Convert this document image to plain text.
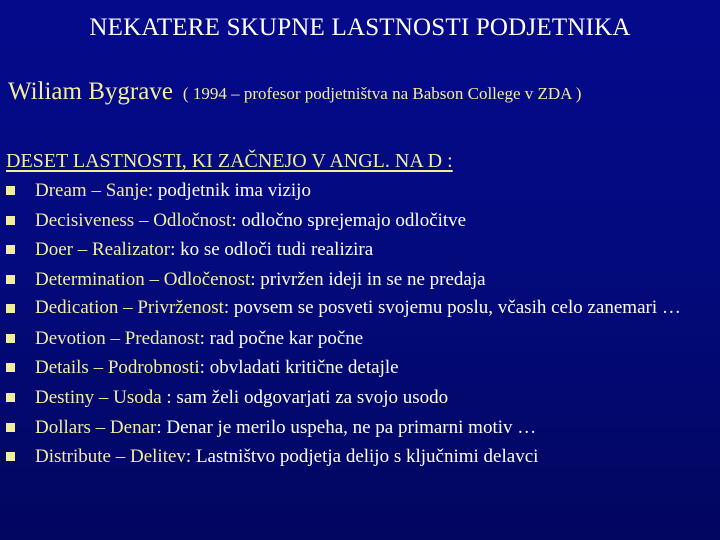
NEKATERE SKUPNE LASTNOSTI PODJETNIKA
Wiliam Bygrave ( 1994 – profesor podjetništva na Babson College v ZDA )
DESET LASTNOSTI, KI ZAČNEJO V ANGL. NA D :
Dream – Sanje: podjetnik ima vizijo
Decisiveness – Odločnost: odločno sprejemajo odločitve
Doer – Realizator: ko se odloči tudi realizira
Determination – Odločenost: privržen ideji in se ne predaja
Dedication – Privrženost: povsem se posveti svojemu poslu, včasih celo zanemari …
Devotion – Predanost: rad počne kar počne
Details – Podrobnosti: obvladati kritične detajle
Destiny – Usoda : sam želi odgovarjati za svojo usodo
Dollars – Denar: Denar je merilo uspeha, ne pa primarni motiv …
Distribute – Delitev: Lastništvo podjetja delijo s ključnimi delavci
